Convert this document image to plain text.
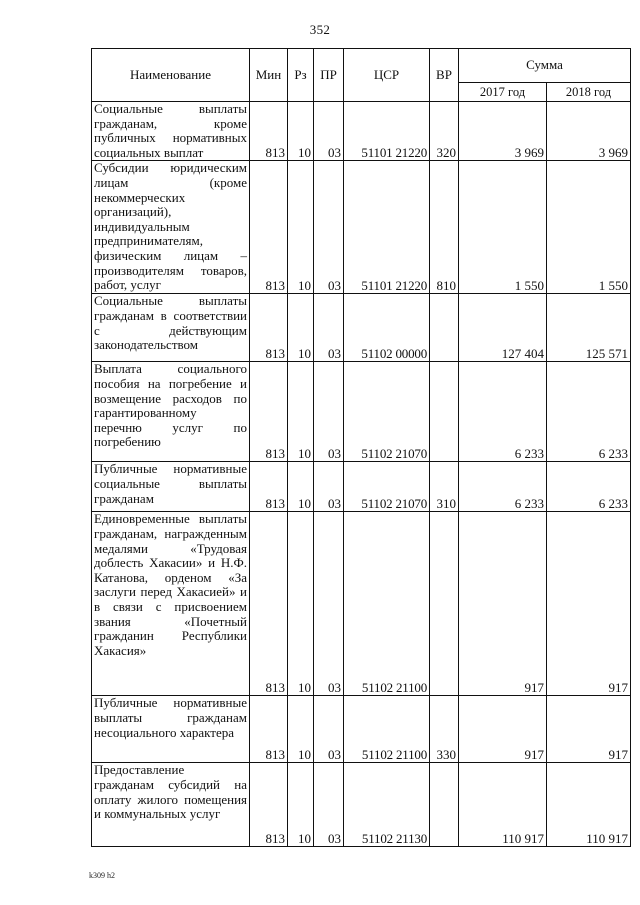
352
Наименование	Мин	Рз	ПР	ЦСР	ВР	Сумма	
						2017 год	2018 год
Социальные выплаты гражданам, кроме публичных нормативных социальных выплат	813	10	03	51101 21220	320	3 969	3 969
Субсидии юридическим лицам (кроме некоммерческих организаций), индивидуальным предпринимателям, физическим лицам – производителям товаров, работ, услуг	813	10	03	51101 21220	810	1 550	1 550
Социальные выплаты гражданам в соответствии с действующим законодательством	813	10	03	51102 00000		127 404	125 571
Выплата социального пособия на погребение и возмещение расходов по гарантированному перечню услуг по погребению	813	10	03	51102 21070		6 233	6 233
Публичные нормативные социальные выплаты гражданам	813	10	03	51102 21070	310	6 233	6 233
Единовременные выплаты гражданам, награжденным медалями «Трудовая доблесть Хакасии» и Н.Ф. Катанова, орденом «За заслуги перед Хакасией» и в связи с присвоением звания «Почетный гражданин Республики Хакасия»	813	10	03	51102 21100		917	917
Публичные нормативные выплаты гражданам несоциального характера	813	10	03	51102 21100	330	917	917
Предоставление гражданам субсидий на оплату жилого помещения и коммунальных услуг	813	10	03	51102 21130		110 917	110 917
k309 h2
